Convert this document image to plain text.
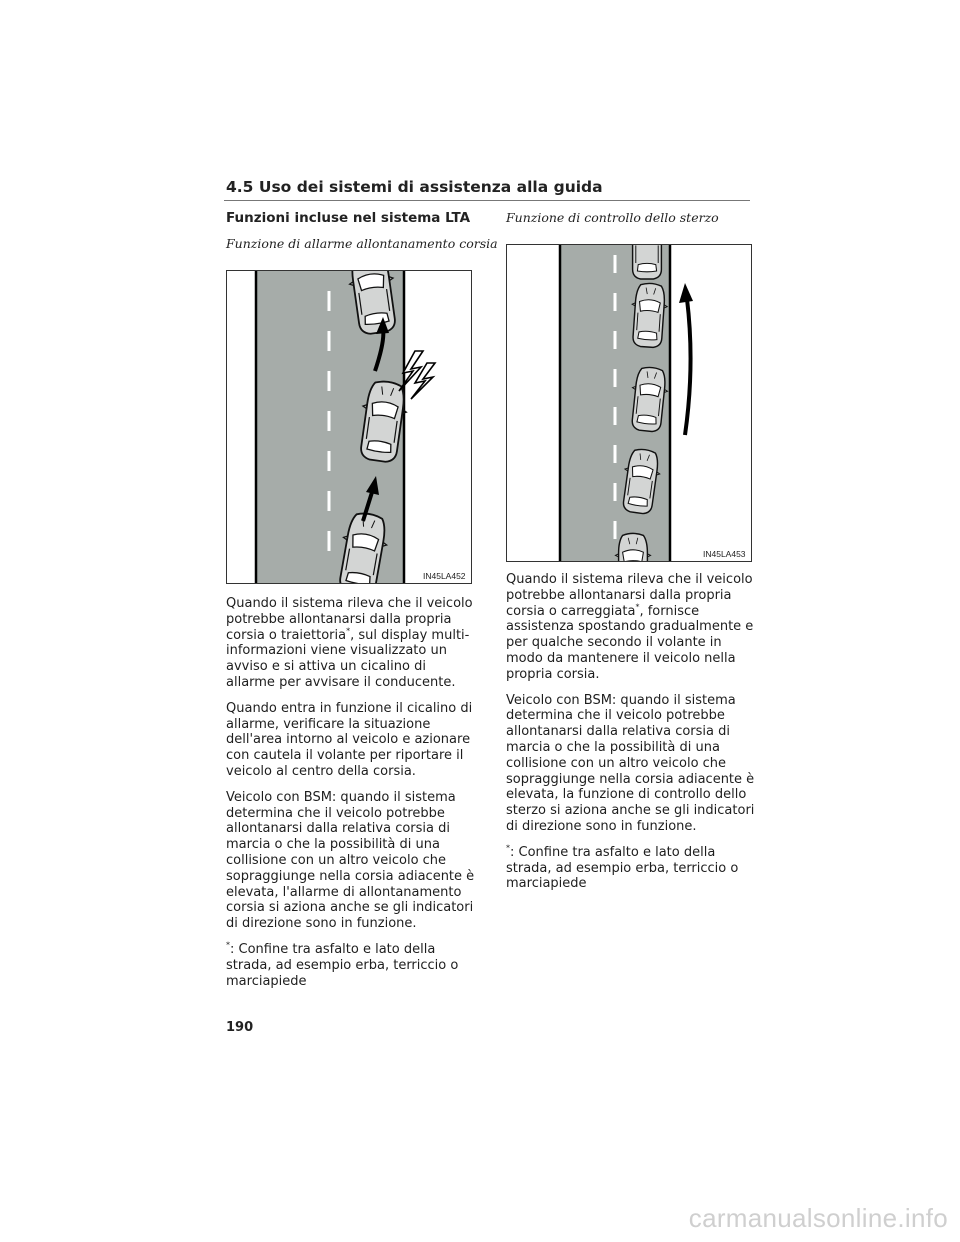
4.5 Uso dei sistemi di assistenza alla guida
Funzioni incluse nel sistema LTA
Funzione di allarme allontanamento corsia
IN45LA452

Quando il sistema rileva che il veicolo potrebbe allontanarsi dalla propria corsia o traiettoria*, sul display multi-informazioni viene visualizzato un avviso e si attiva un cicalino di allarme per avvisare il conducente.

Quando entra in funzione il cicalino di allarme, verificare la situazione dell'area intorno al veicolo e azionare con cautela il volante per riportare il veicolo al centro della corsia.

Veicolo con BSM: quando il sistema determina che il veicolo potrebbe allontanarsi dalla relativa corsia di marcia o che la possibilità di una collisione con un altro veicolo che sopraggiunge nella corsia adiacente è elevata, l'allarme di allontanamento corsia si aziona anche se gli indicatori di direzione sono in funzione.

*: Confine tra asfalto e lato della strada, ad esempio erba, terriccio o marciapiede

Funzione di controllo dello sterzo
IN45LA453

Quando il sistema rileva che il veicolo potrebbe allontanarsi dalla propria corsia o carreggiata*, fornisce assistenza spostando gradualmente e per qualche secondo il volante in modo da mantenere il veicolo nella propria corsia.

Veicolo con BSM: quando il sistema determina che il veicolo potrebbe allontanarsi dalla relativa corsia di marcia o che la possibilità di una collisione con un altro veicolo che sopraggiunge nella corsia adiacente è elevata, la funzione di controllo dello sterzo si aziona anche se gli indicatori di direzione sono in funzione.

*: Confine tra asfalto e lato della strada, ad esempio erba, terriccio o marciapiede

190
carmanualsonline.info
